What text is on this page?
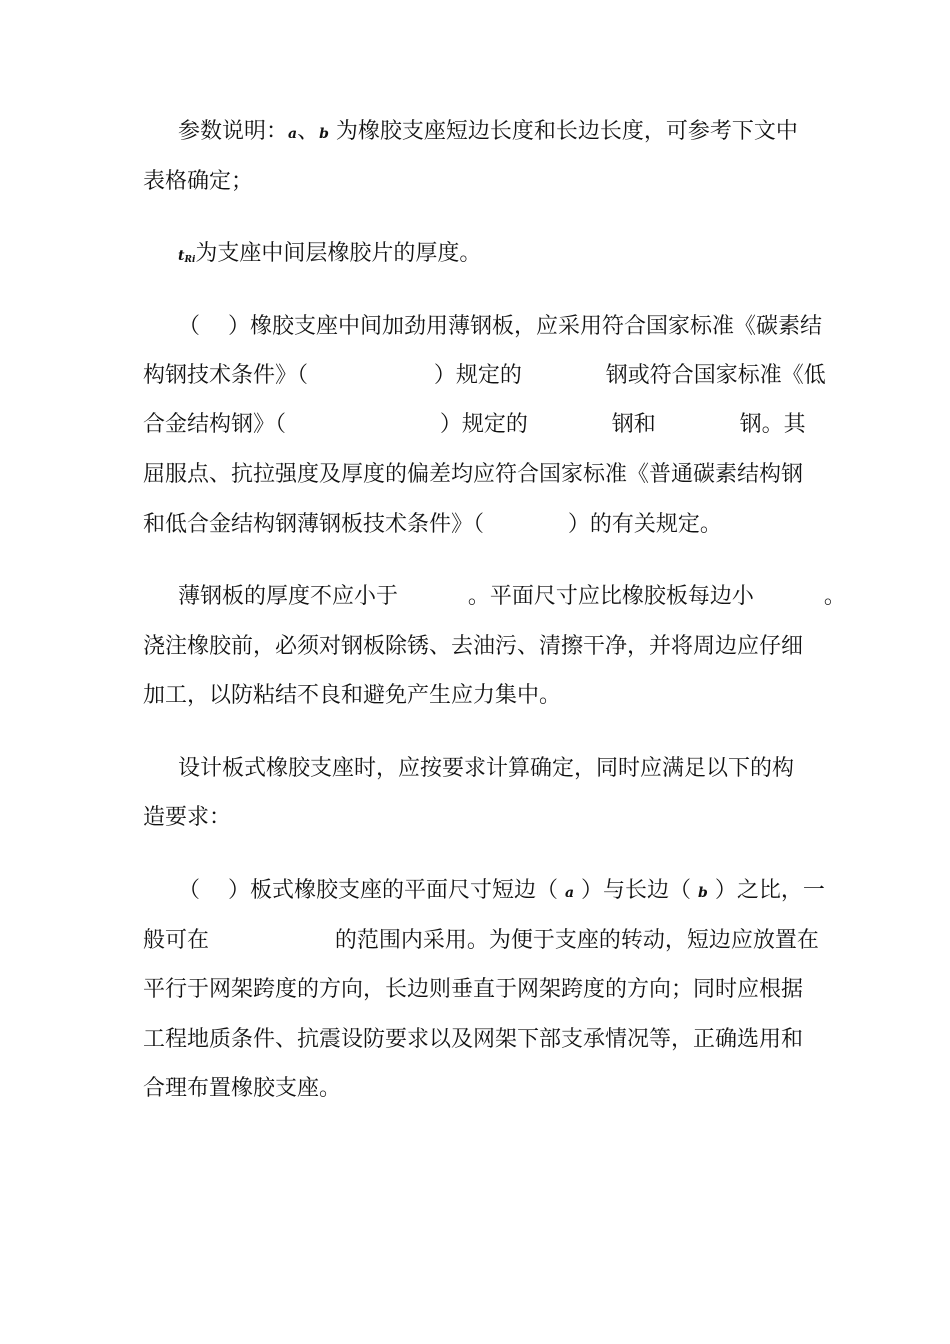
参数说明：a、b 为橡胶支座短边长度和长边长度，可参考下文中
表格确定；
$t_{Ri}$为支座中间层橡胶片的厚度。
（    ）橡胶支座中间加劲用薄钢板，应采用符合国家标准《碳素结
构钢技术条件》（                  ）规定的            钢或符合国家标准《低
合金结构钢》（                      ）规定的            钢和            钢。其
屈服点、抗拉强度及厚度的偏差均应符合国家标准《普通碳素结构钢
和低合金结构钢薄钢板技术条件》（            ）的有关规定。
薄钢板的厚度不应小于          。平面尺寸应比橡胶板每边小          。
浇注橡胶前，必须对钢板除锈、去油污、清擦干净，并将周边应仔细
加工，以防粘结不良和避免产生应力集中。
设计板式橡胶支座时，应按要求计算确定，同时应满足以下的构
造要求：
（    ）板式橡胶支座的平面尺寸短边（ a ）与长边（ b ）之比，一
般可在                  的范围内采用。为便于支座的转动，短边应放置在
平行于网架跨度的方向，长边则垂直于网架跨度的方向；同时应根据
工程地质条件、抗震设防要求以及网架下部支承情况等，正确选用和
合理布置橡胶支座。
